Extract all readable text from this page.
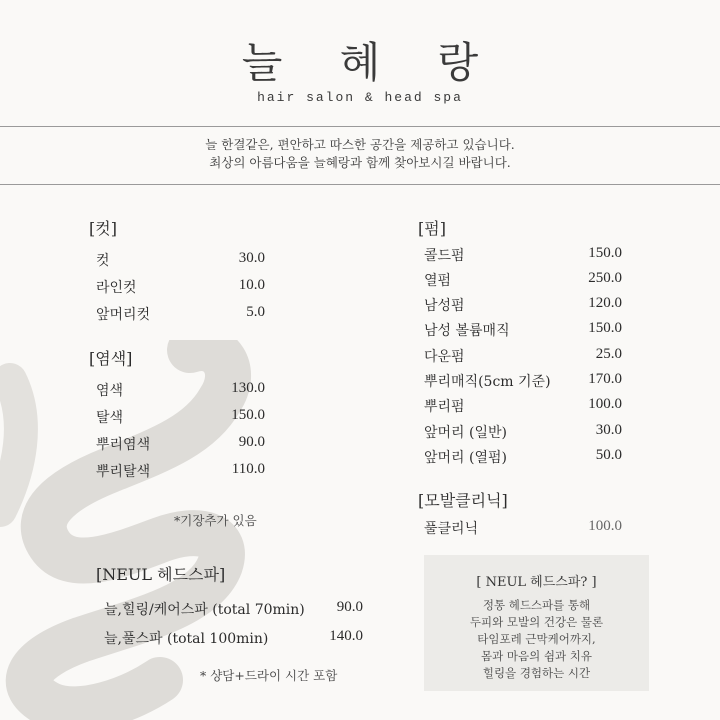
늘 혜 랑
hair salon & head spa
늘 한결같은, 편안하고 따스한 공간을 제공하고 있습니다.
최상의 아름다움을 늘혜랑과 함께 찾아보시길 바랍니다.
[컷]
컷	30.0
라인컷	10.0
앞머리컷	5.0
[염색]
염색	130.0
탈색	150.0
뿌리염색	90.0
뿌리탈색	110.0
*기장추가 있음
[NEUL 헤드스파]
늘,힐링/케어스파 (total 70min) 90.0
늘,풀스파 (total 100min)	140.0
* 샹담+드라이 시간 포함
[펌]
콜드펌	150.0
열펌	250.0
남성펌	120.0
남성 볼륨매직	150.0
다운펌	25.0
뿌리매직(5cm 기준)	170.0
뿌리펌	100.0
앞머리 (일반)	30.0
앞머리 (열펌)	50.0
[모발클리닉]
풀클리닉	100.0
[ NEUL 헤드스파? ]
정통 헤드스파를 통해
두피와 모발의 건강은 물론
타임포레 근막케어까지,
몸과 마음의 쉼과 치유
힐링을 경험하는 시간
